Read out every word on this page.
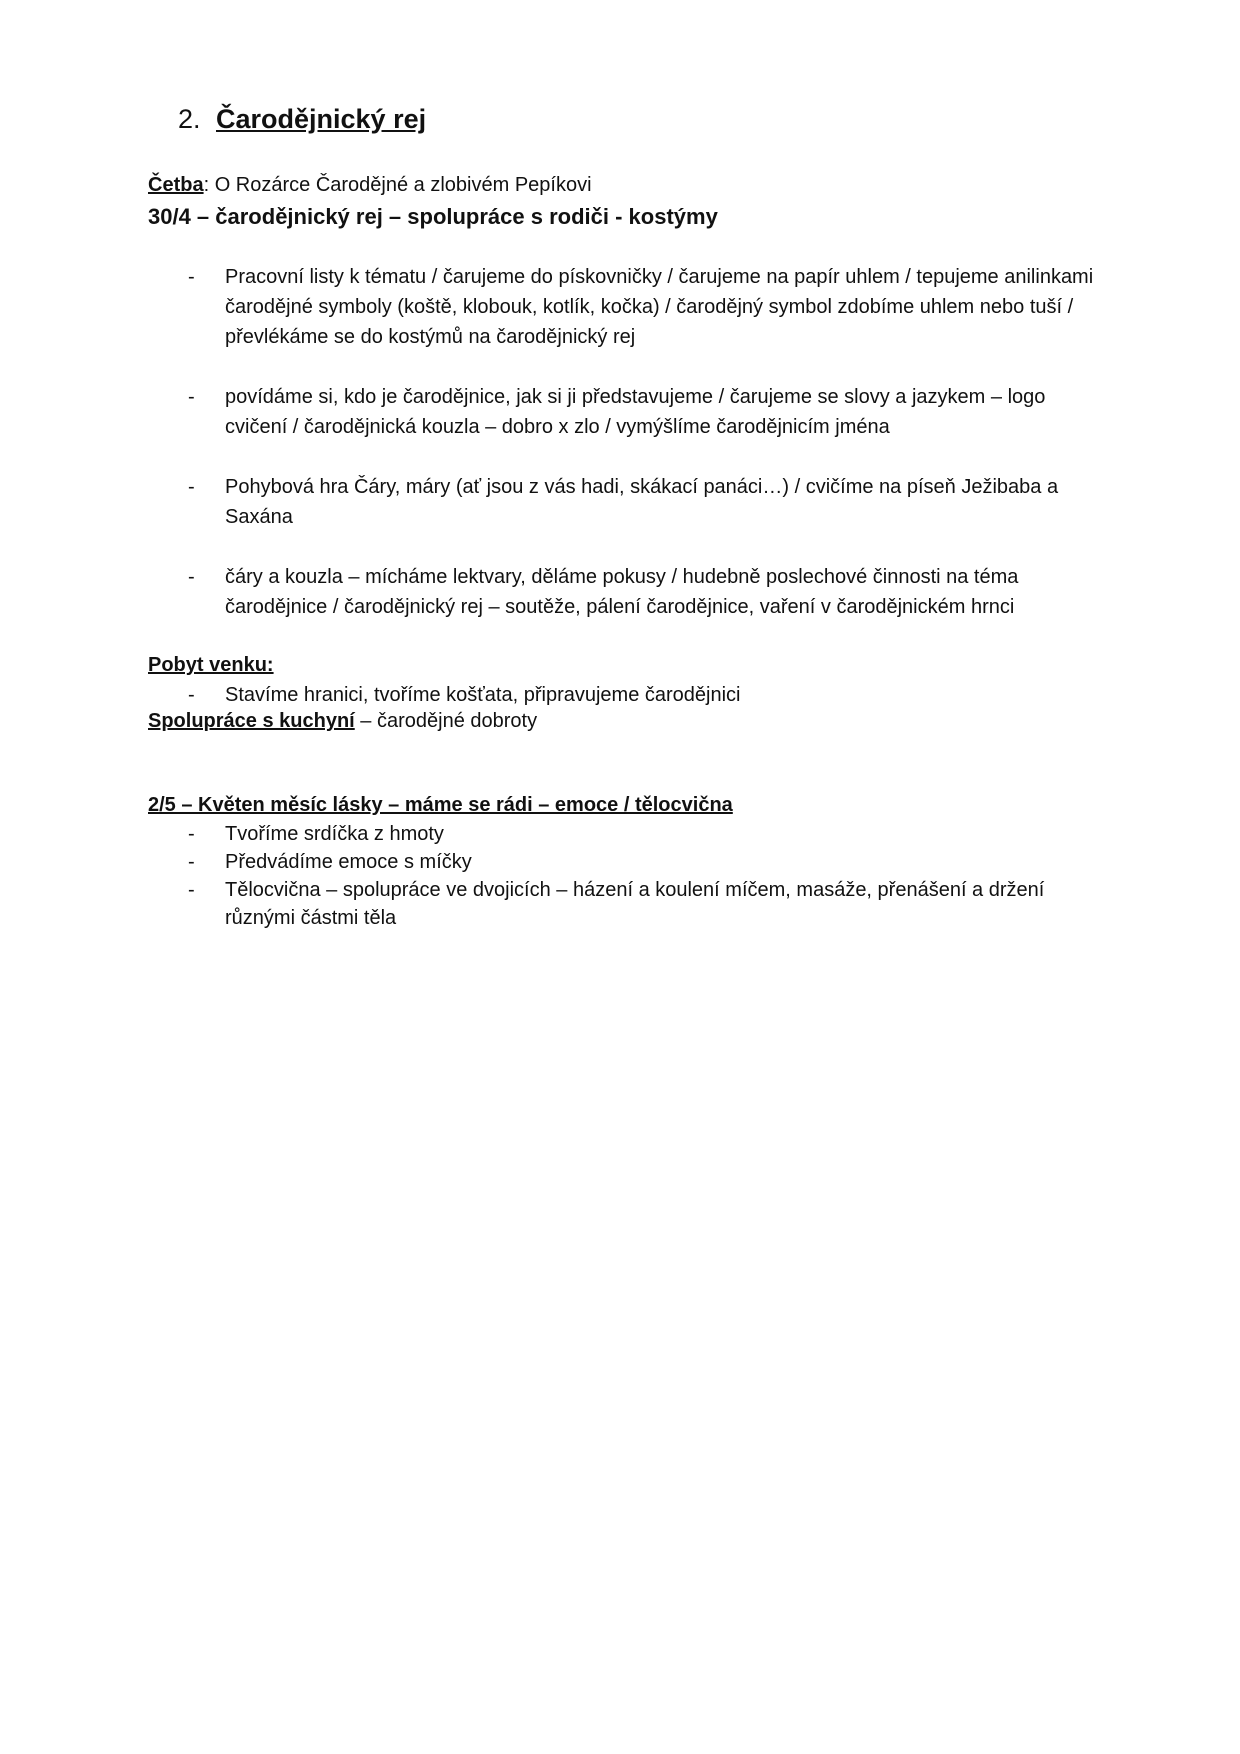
2. Čarodějnický rej
Četba: O Rozárce Čarodějné a zlobivém Pepíkovi
30/4 – čarodějnický rej – spolupráce s rodiči - kostýmy
- Pracovní listy k tématu / čarujeme do pískovničky / čarujeme na papír uhlem / tepujeme anilinkami čarodějné symboly (koště, klobouk, kotlík, kočka) / čarodějný symbol zdobíme uhlem nebo tuší / převlékáme se do kostýmů na čarodějnický rej
- povídáme si, kdo je čarodějnice, jak si ji představujeme / čarujeme se slovy a jazykem – logo cvičení / čarodějnická kouzla – dobro x zlo / vymýšlíme čarodějnicím jména
- Pohybová hra Čáry, máry (ať jsou z vás hadi, skákací panáci…) / cvičíme na píseň Ježibaba a Saxána
- čáry a kouzla – mícháme lektvary, děláme pokusy / hudebně poslechové činnosti na téma čarodějnice / čarodějnický rej – soutěže, pálení čarodějnice, vaření v čarodějnickém hrnci
Pobyt venku:
- Stavíme hranici, tvoříme košťata, připravujeme čarodějnici
Spolupráce s kuchyní – čarodějné dobroty
2/5 – Květen měsíc lásky – máme se rádi – emoce / tělocvična
- Tvoříme srdíčka z hmoty
- Předvádíme emoce s míčky
- Tělocvična – spolupráce ve dvojicích – házení a koulení míčem, masáže, přenášení a držení různými částmi těla
